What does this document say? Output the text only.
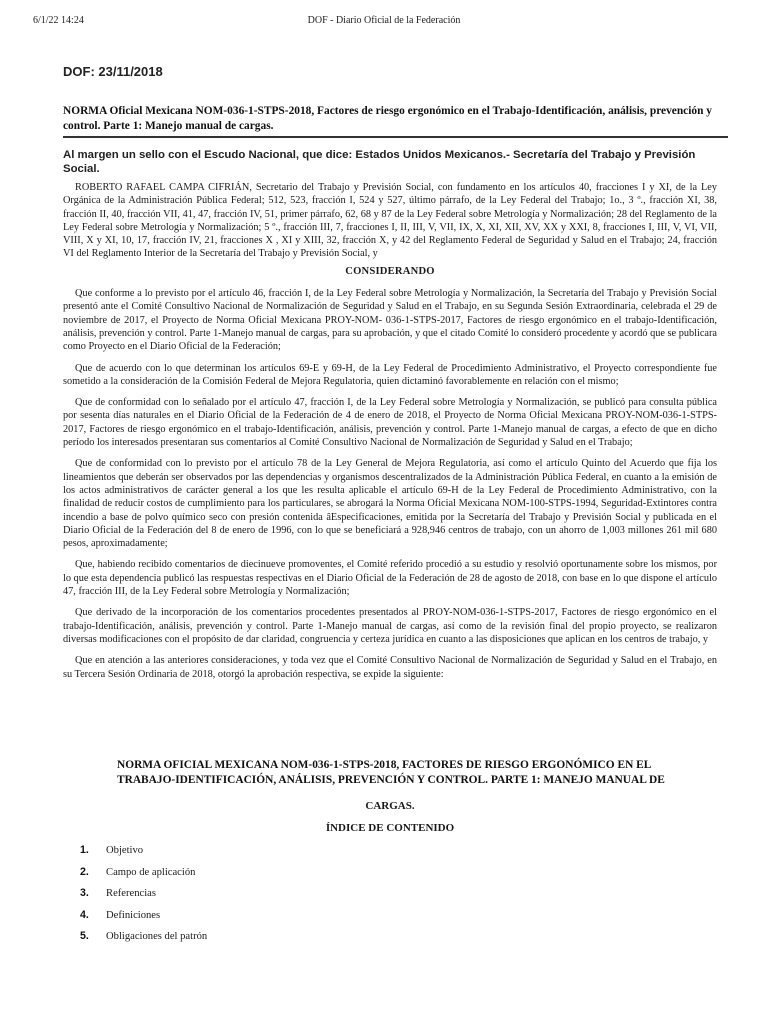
6/1/22 14:24	DOF - Diario Oficial de la Federación
DOF: 23/11/2018
NORMA Oficial Mexicana NOM-036-1-STPS-2018, Factores de riesgo ergonómico en el Trabajo-Identificación, análisis, prevención y control. Parte 1: Manejo manual de cargas.
Al margen un sello con el Escudo Nacional, que dice: Estados Unidos Mexicanos.- Secretaría del Trabajo y Previsión Social.

ROBERTO RAFAEL CAMPA CIFRIÁN, Secretario del Trabajo y Previsión Social, con fundamento en los artículos 40, fracciones I y XI, de la Ley Orgánica de la Administración Pública Federal; 512, 523, fracción I, 524 y 527, último párrafo, de la Ley Federal del Trabajo; 1o., 3 º., fracción XI, 38, fracción II, 40, fracción VII, 41, 47, fracción IV, 51, primer párrafo, 62, 68 y 87 de la Ley Federal sobre Metrología y Normalización; 28 del Reglamento de la Ley Federal sobre Metrología y Normalización; 5 º., fracción III, 7, fracciones I, II, III, V, VII, IX, X, XI, XII, XV, XX y XXI, 8, fracciones I, III, V, VI, VII, VIII, X y XI, 10, 17, fracción IV, 21, fracciones X , XI y XIII, 32, fracción X, y 42 del Reglamento Federal de Seguridad y Salud en el Trabajo; 24, fracción VI del Reglamento Interior de la Secretaría del Trabajo y Previsión Social, y

CONSIDERANDO

Que conforme a lo previsto por el artículo 46, fracción I, de la Ley Federal sobre Metrología y Normalización, la Secretaría del Trabajo y Previsión Social presentó ante el Comité Consultivo Nacional de Normalización de Seguridad y Salud en el Trabajo, en su Segunda Sesión Extraordinaria, celebrada el 29 de noviembre de 2017, el Proyecto de Norma Oficial Mexicana PROY-NOM- 036-1-STPS-2017, Factores de riesgo ergonómico en el trabajo-Identificación, análisis, prevención y control. Parte 1-Manejo manual de cargas, para su aprobación, y que el citado Comité lo consideró procedente y acordó que se publicara como Proyecto en el Diario Oficial de la Federación;

Que de acuerdo con lo que determinan los artículos 69-E y 69-H, de la Ley Federal de Procedimiento Administrativo, el Proyecto correspondiente fue sometido a la consideración de la Comisión Federal de Mejora Regulatoria, quien dictaminó favorablemente en relación con el mismo;

Que de conformidad con lo señalado por el artículo 47, fracción I, de la Ley Federal sobre Metrología y Normalización, se publicó para consulta pública por sesenta días naturales en el Diario Oficial de la Federación de 4 de enero de 2018, el Proyecto de Norma Oficial Mexicana PROY-NOM-036-1-STPS-2017, Factores de riesgo ergonómico en el trabajo-Identificación, análisis, prevención y control. Parte 1-Manejo manual de cargas, a efecto de que en dicho período los interesados presentaran sus comentarios al Comité Consultivo Nacional de Normalización de Seguridad y Salud en el Trabajo;

Que de conformidad con lo previsto por el artículo 78 de la Ley General de Mejora Regulatoria, así como el artículo Quinto del Acuerdo que fija los lineamientos que deberán ser observados por las dependencias y organismos descentralizados de la Administración Pública Federal, en cuanto a la emisión de los actos administrativos de carácter general a los que les resulta aplicable el artículo 69-H de la Ley Federal de Procedimiento Administrativo, con la finalidad de reducir costos de cumplimiento para los particulares, se abrogará la Norma Oficial Mexicana NOM-100-STPS-1994, Seguridad-Extintores contra incendio a base de polvo químico seco con presión contenida âEspecificaciones, emitida por la Secretaría del Trabajo y Previsión Social y publicada en el Diario Oficial de la Federación del 8 de enero de 1996, con lo que se beneficiará a 928,946 centros de trabajo, con un ahorro de 1,003 millones 261 mil 680 pesos, aproximadamente;

Que, habiendo recibido comentarios de diecinueve promoventes, el Comité referido procedió a su estudio y resolvió oportunamente sobre los mismos, por lo que esta dependencia publicó las respuestas respectivas en el Diario Oficial de la Federación de 28 de agosto de 2018, con base en lo que dispone el artículo 47, fracción III, de la Ley Federal sobre Metrología y Normalización;

Que derivado de la incorporación de los comentarios procedentes presentados al PROY-NOM-036-1-STPS-2017, Factores de riesgo ergonómico en el trabajo-Identificación, análisis, prevención y control. Parte 1-Manejo manual de cargas, así como de la revisión final del propio proyecto, se realizaron diversas modificaciones con el propósito de dar claridad, congruencia y certeza jurídica en cuanto a las disposiciones que aplican en los centros de trabajo, y

Que en atención a las anteriores consideraciones, y toda vez que el Comité Consultivo Nacional de Normalización de Seguridad y Salud en el Trabajo, en su Tercera Sesión Ordinaria de 2018, otorgó la aprobación respectiva, se expide la siguiente:

NORMA OFICIAL MEXICANA NOM-036-1-STPS-2018, FACTORES DE RIESGO ERGONÓMICO EN EL TRABAJO-IDENTIFICACIÓN, ANÁLISIS, PREVENCIÓN Y CONTROL. PARTE 1: MANEJO MANUAL DE
CARGAS.
ÍNDICE DE CONTENIDO
1.	Objetivo
2.	Campo de aplicación
3.	Referencias
4.	Definiciones
5.	Obligaciones del patrón
